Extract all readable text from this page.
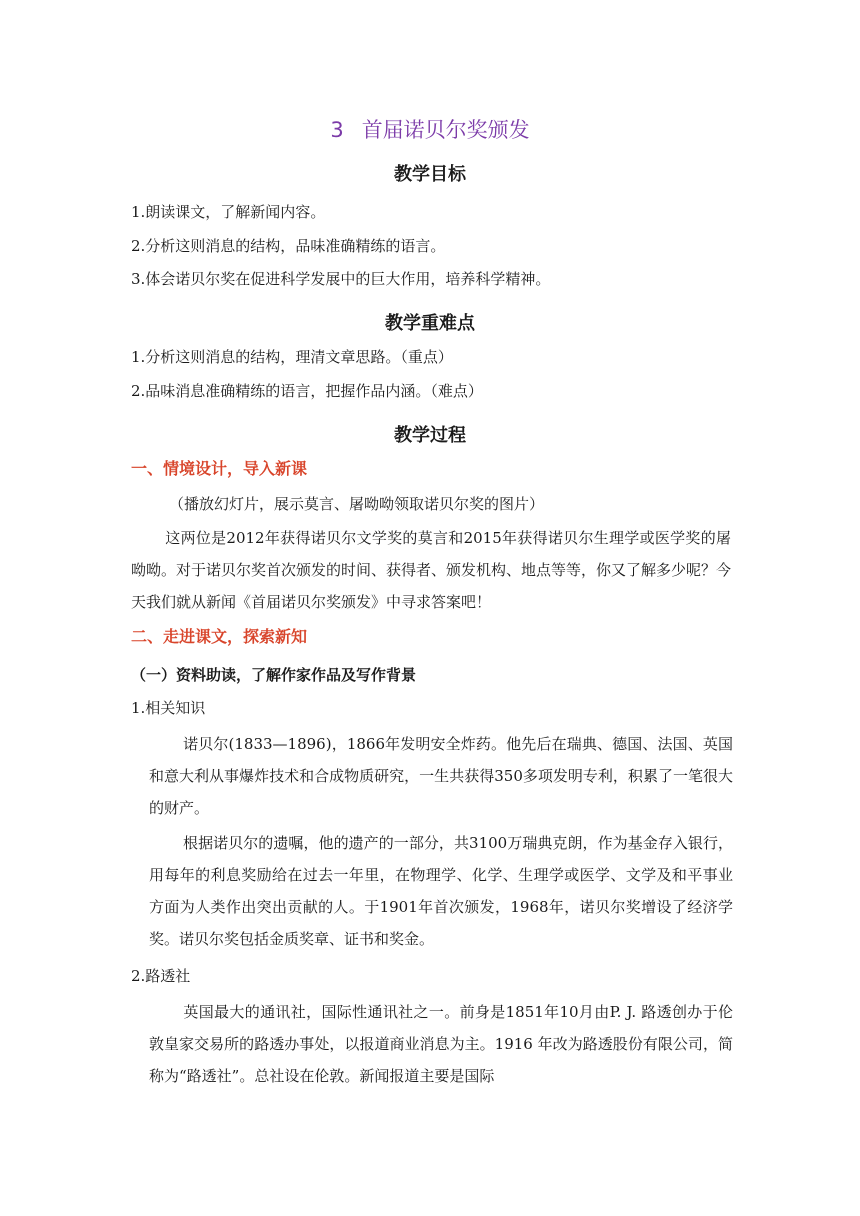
3 首届诺贝尔奖颁发
教学目标
1.朗读课文，了解新闻内容。
2.分析这则消息的结构，品味准确精练的语言。
3.体会诺贝尔奖在促进科学发展中的巨大作用，培养科学精神。
教学重难点
1.分析这则消息的结构，理清文章思路。（重点）
2.品味消息准确精练的语言，把握作品内涵。（难点）
教学过程
一、情境设计，导入新课
（播放幻灯片，展示莫言、屠呦呦领取诺贝尔奖的图片）
这两位是2012年获得诺贝尔文学奖的莫言和2015年获得诺贝尔生理学或医学奖的屠呦呦。对于诺贝尔奖首次颁发的时间、获得者、颁发机构、地点等等，你又了解多少呢？今天我们就从新闻《首届诺贝尔奖颁发》中寻求答案吧！
二、走进课文，探索新知
（一）资料助读，了解作家作品及写作背景
1.相关知识
诺贝尔(1833—1896)，1866年发明安全炸药。他先后在瑞典、德国、法国、英国和意大利从事爆炸技术和合成物质研究，一生共获得350多项发明专利，积累了一笔很大的财产。
根据诺贝尔的遗嘱，他的遗产的一部分，共3100万瑞典克朗，作为基金存入银行，用每年的利息奖励给在过去一年里，在物理学、化学、生理学或医学、文学及和平事业方面为人类作出突出贡献的人。于1901年首次颁发，1968年，诺贝尔奖增设了经济学奖。诺贝尔奖包括金质奖章、证书和奖金。
2.路透社
英国最大的通讯社，国际性通讯社之一。前身是1851年10月由P. J. 路透创办于伦敦皇家交易所的路透办事处，以报道商业消息为主。1916 年改为路透股份有限公司，简称为“路透社”。总社设在伦敦。新闻报道主要是国际
